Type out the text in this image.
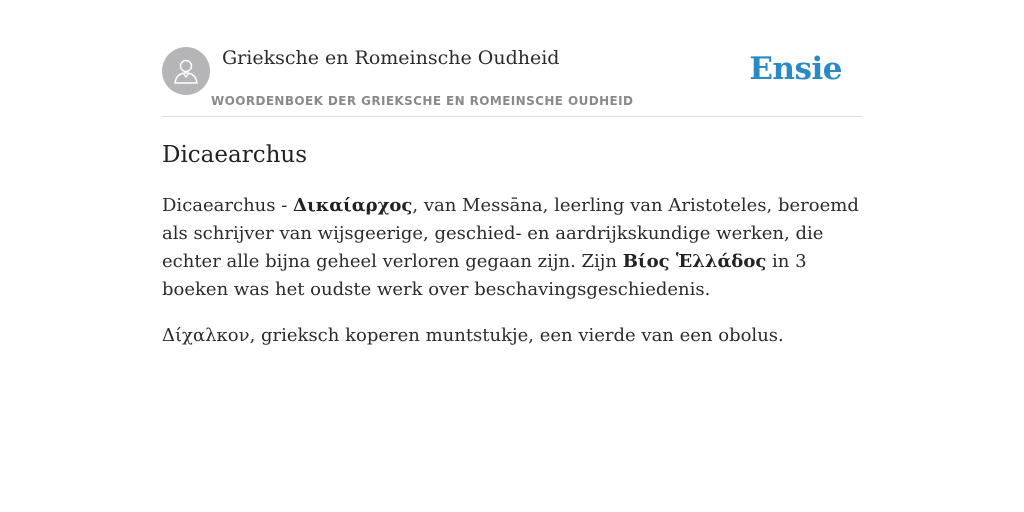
Grieksche en Romeinsche Oudheid
WOORDENBOEK DER GRIEKSCHE EN ROMEINSCHE OUDHEID
Ensie
Dicaearchus

Dicaearchus - Δικαίαρχος, van Messāna, leerling van Aristoteles, beroemd als schrijver van wijsgeerige, geschied- en aardrijkskundige werken, die echter alle bijna geheel verloren gegaan zijn. Zijn Βίος Ἑλλάδος in 3 boeken was het oudste werk over beschavingsgeschiedenis.

Δίχαλκον, grieksch koperen muntstukje, een vierde van een obolus.
